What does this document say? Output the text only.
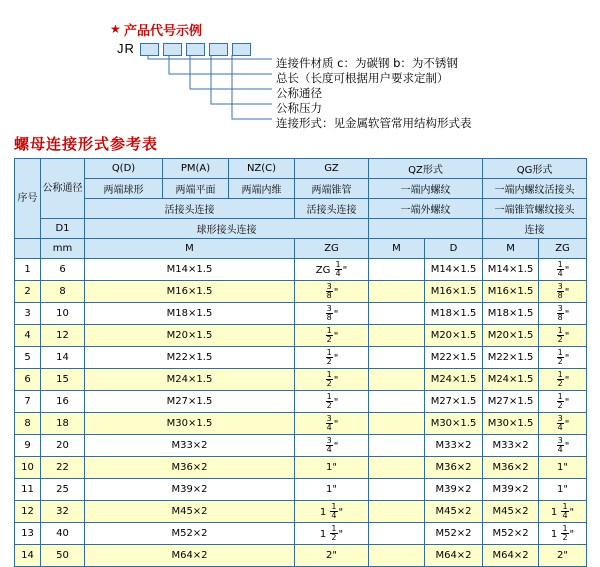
★ 产品代号示例
JR
连接件材质 c：为碳钢 b：为不锈钢
总长（长度可根据用户要求定制）
公称通径
公称压力
连接形式：见金属软管常用结构形式表
螺母连接形式参考表
序号	公称通径	Q(D)	PM(A)	NZ(C)	GZ	QZ形式		QG形式	
		两端球形	两端平面	两端内维	两端锥管	一端内螺纹		一端内螺纹活接头	
		活接头连接			活接头连接	一端外螺纹		一端锥管螺纹接头	
	D1	球形接头连接						连接	
	mm	M			ZG	M	D	M	ZG
1	6	M14×1.5			ZG $\frac{1}{4}$ "		M14×1.5	M14×1.5	$\frac{1}{4}$ "
2	8	M16×1.5			$\frac{3}{8}$ "		M16×1.5	M16×1.5	$\frac{3}{8}$ "
3	10	M18×1.5			$\frac{3}{8}$ "		M18×1.5	M18×1.5	$\frac{3}{8}$ "
4	12	M20×1.5			$\frac{1}{2}$ "		M20×1.5	M20×1.5	$\frac{1}{2}$ "
5	14	M22×1.5			$\frac{1}{2}$ "		M22×1.5	M22×1.5	$\frac{1}{2}$ "
6	15	M24×1.5			$\frac{1}{2}$ "		M24×1.5	M24×1.5	$\frac{1}{2}$ "
7	16	M27×1.5			$\frac{1}{2}$ "		M27×1.5	M27×1.5	$\frac{1}{2}$ "
8	18	M30×1.5			$\frac{3}{4}$ "		M30×1.5	M30×1.5	$\frac{3}{4}$ "
9	20	M33×2			$\frac{3}{4}$ "		M33×2	M33×2	$\frac{3}{4}$ "
10	22	M36×2			1"		M36×2	M36×2	1"
11	25	M39×2			1"		M39×2	M39×2	1"
12	32	M45×2			$1 \frac{1}{4}$ "		M45×2	M45×2	$1 \frac{1}{4}$ "
13	40	M52×2			$1 \frac{1}{2}$ "		M52×2	M52×2	$1 \frac{1}{2}$ "
14	50	M64×2			2"		M64×2	M64×2	2"
